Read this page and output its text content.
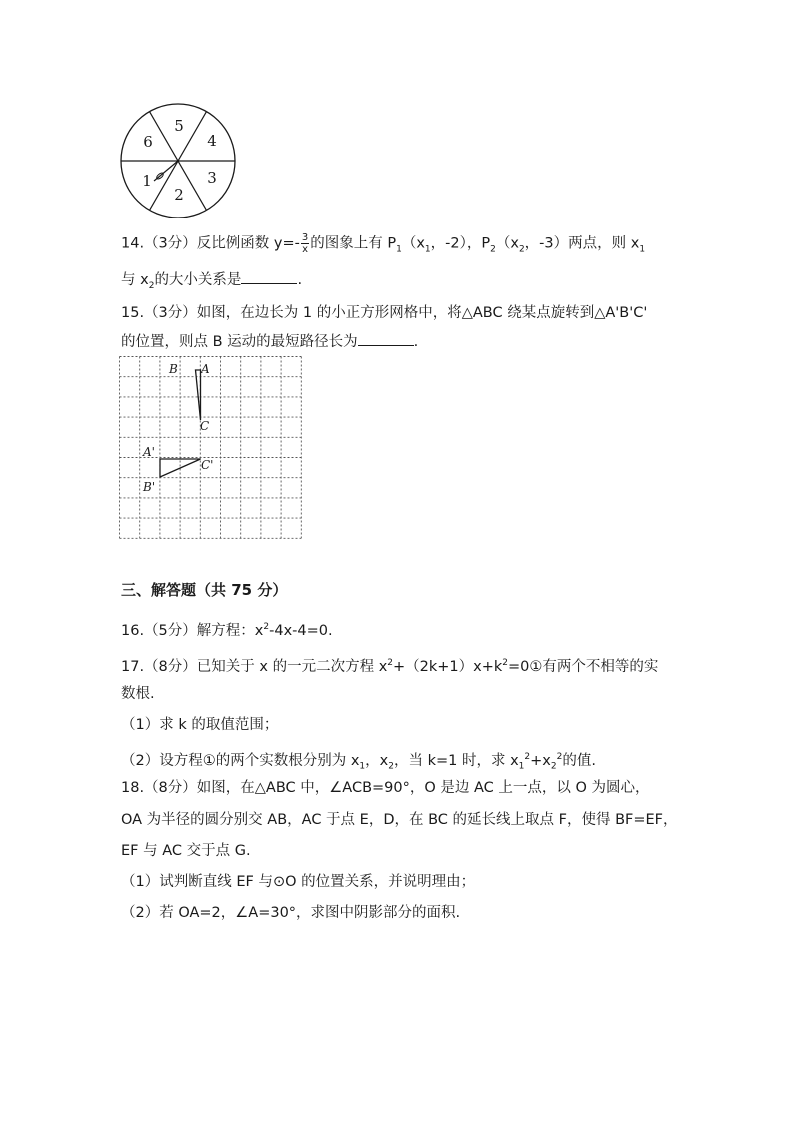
5
4
3
2
1
6
14.（3分）反比例函数 $y=- \frac{3}{x}$ 的图象上有 $P_1(x_1$，-2），$P_2(x_2$，-3）两点，则 $x_1$
与 $x_2$的大小关系是	.
15.（3分）如图，在边长为 1 的小正方形网格中，将△ABC 绕某点旋转到△A'B'C'
的位置，则点 B 运动的最短路径长为	.
B A
C
A'
C'
B'
三、解答题（共 75 分）
16.（5分）解方程：$x^2-4x-4=0$.
17.（8分）已知关于 x 的一元二次方程 $x^2+(2k+1)x+k^2=0①$有两个不相等的实
数根.
（1）求 k 的取值范围；
（2）设方程①的两个实数根分别为 $x_1$，$x_2$，当 k=1 时，求 $x_1^2+x_2^2$的值.
18.（8分）如图，在△ABC 中，∠ACB=90°，O 是边 AC 上一点，以 O 为圆心，
OA 为半径的圆分别交 AB，AC 于点 E，D，在 BC 的延长线上取点 F，使得 BF=EF，
EF 与 AC 交于点 G.
（1）试判断直线 EF 与⊙O 的位置关系，并说明理由；
（2）若 OA=2，∠A=30°，求图中阴影部分的面积.
